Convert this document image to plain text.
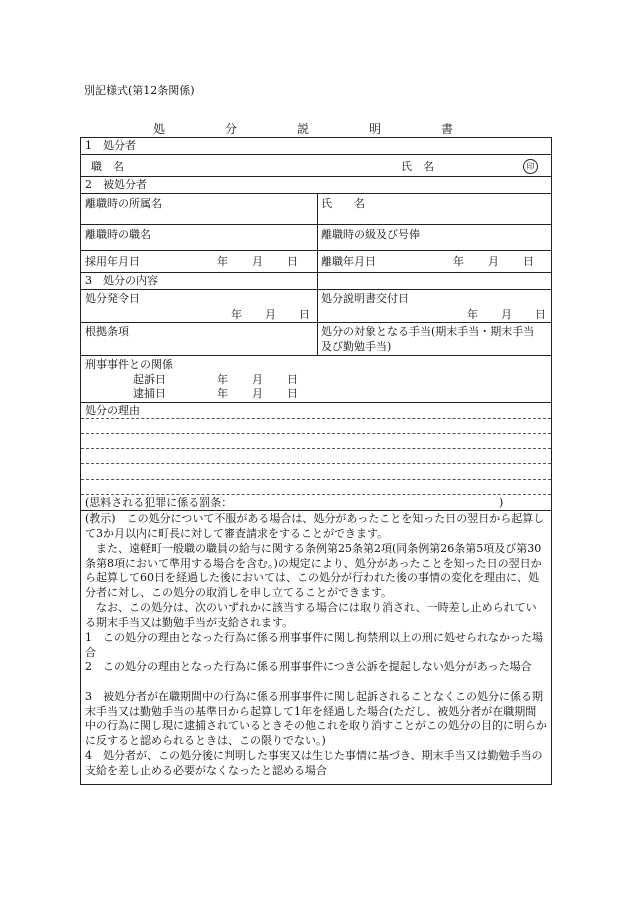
別記様式(第12条関係)
処　分　説　明　書
1　処分者
職　名	氏　名	印
2　被処分者
離職時の所属名	氏　　名
離職時の職名	離職時の級及び号俸
採用年月日	年 月 日 離職年月日	年 月 日
3　処分の内容
処分発令日
年 月 日
処分説明書交付日
年 月 日
根拠条項	処分の対象となる手当(期末手当・期末手当
及び勤勉手当)
刑事事件との関係
起訴日	年 月 日
逮捕日	年 月 日
処分の理由
(思料される犯罪に係る罰条：	)
(教示)　この処分について不服がある場合は、処分があったことを知った日の翌日から起算して3か月以内に町長に対して審査請求をすることができます。
　また、遠軽町一般職の職員の給与に関する条例第25条第2項(同条例第26条第5項及び第30条第8項において準用する場合を含む。)の規定により、処分があったことを知った日の翌日から起算して60日を経過した後においては、この処分が行われた後の事情の変化を理由に、処分者に対し、この処分の取消しを申し立てることができます。
　なお、この処分は、次のいずれかに該当する場合には取り消され、一時差し止められている期末手当又は勤勉手当が支給されます。
1　この処分の理由となった行為に係る刑事事件に関し拘禁刑以上の刑に処せられなかった場合
2　この処分の理由となった行為に係る刑事事件につき公訴を提起しない処分があった場合
3　被処分者が在職期間中の行為に係る刑事事件に関し起訴されることなくこの処分に係る期末手当又は勤勉手当の基準日から起算して1年を経過した場合(ただし、被処分者が在職期間中の行為に関し現に逮捕されているときその他これを取り消すことがこの処分の目的に明らかに反すると認められるときは、この限りでない。)
4　処分者が、この処分後に判明した事実又は生じた事情に基づき、期末手当又は勤勉手当の支給を差し止める必要がなくなったと認める場合
